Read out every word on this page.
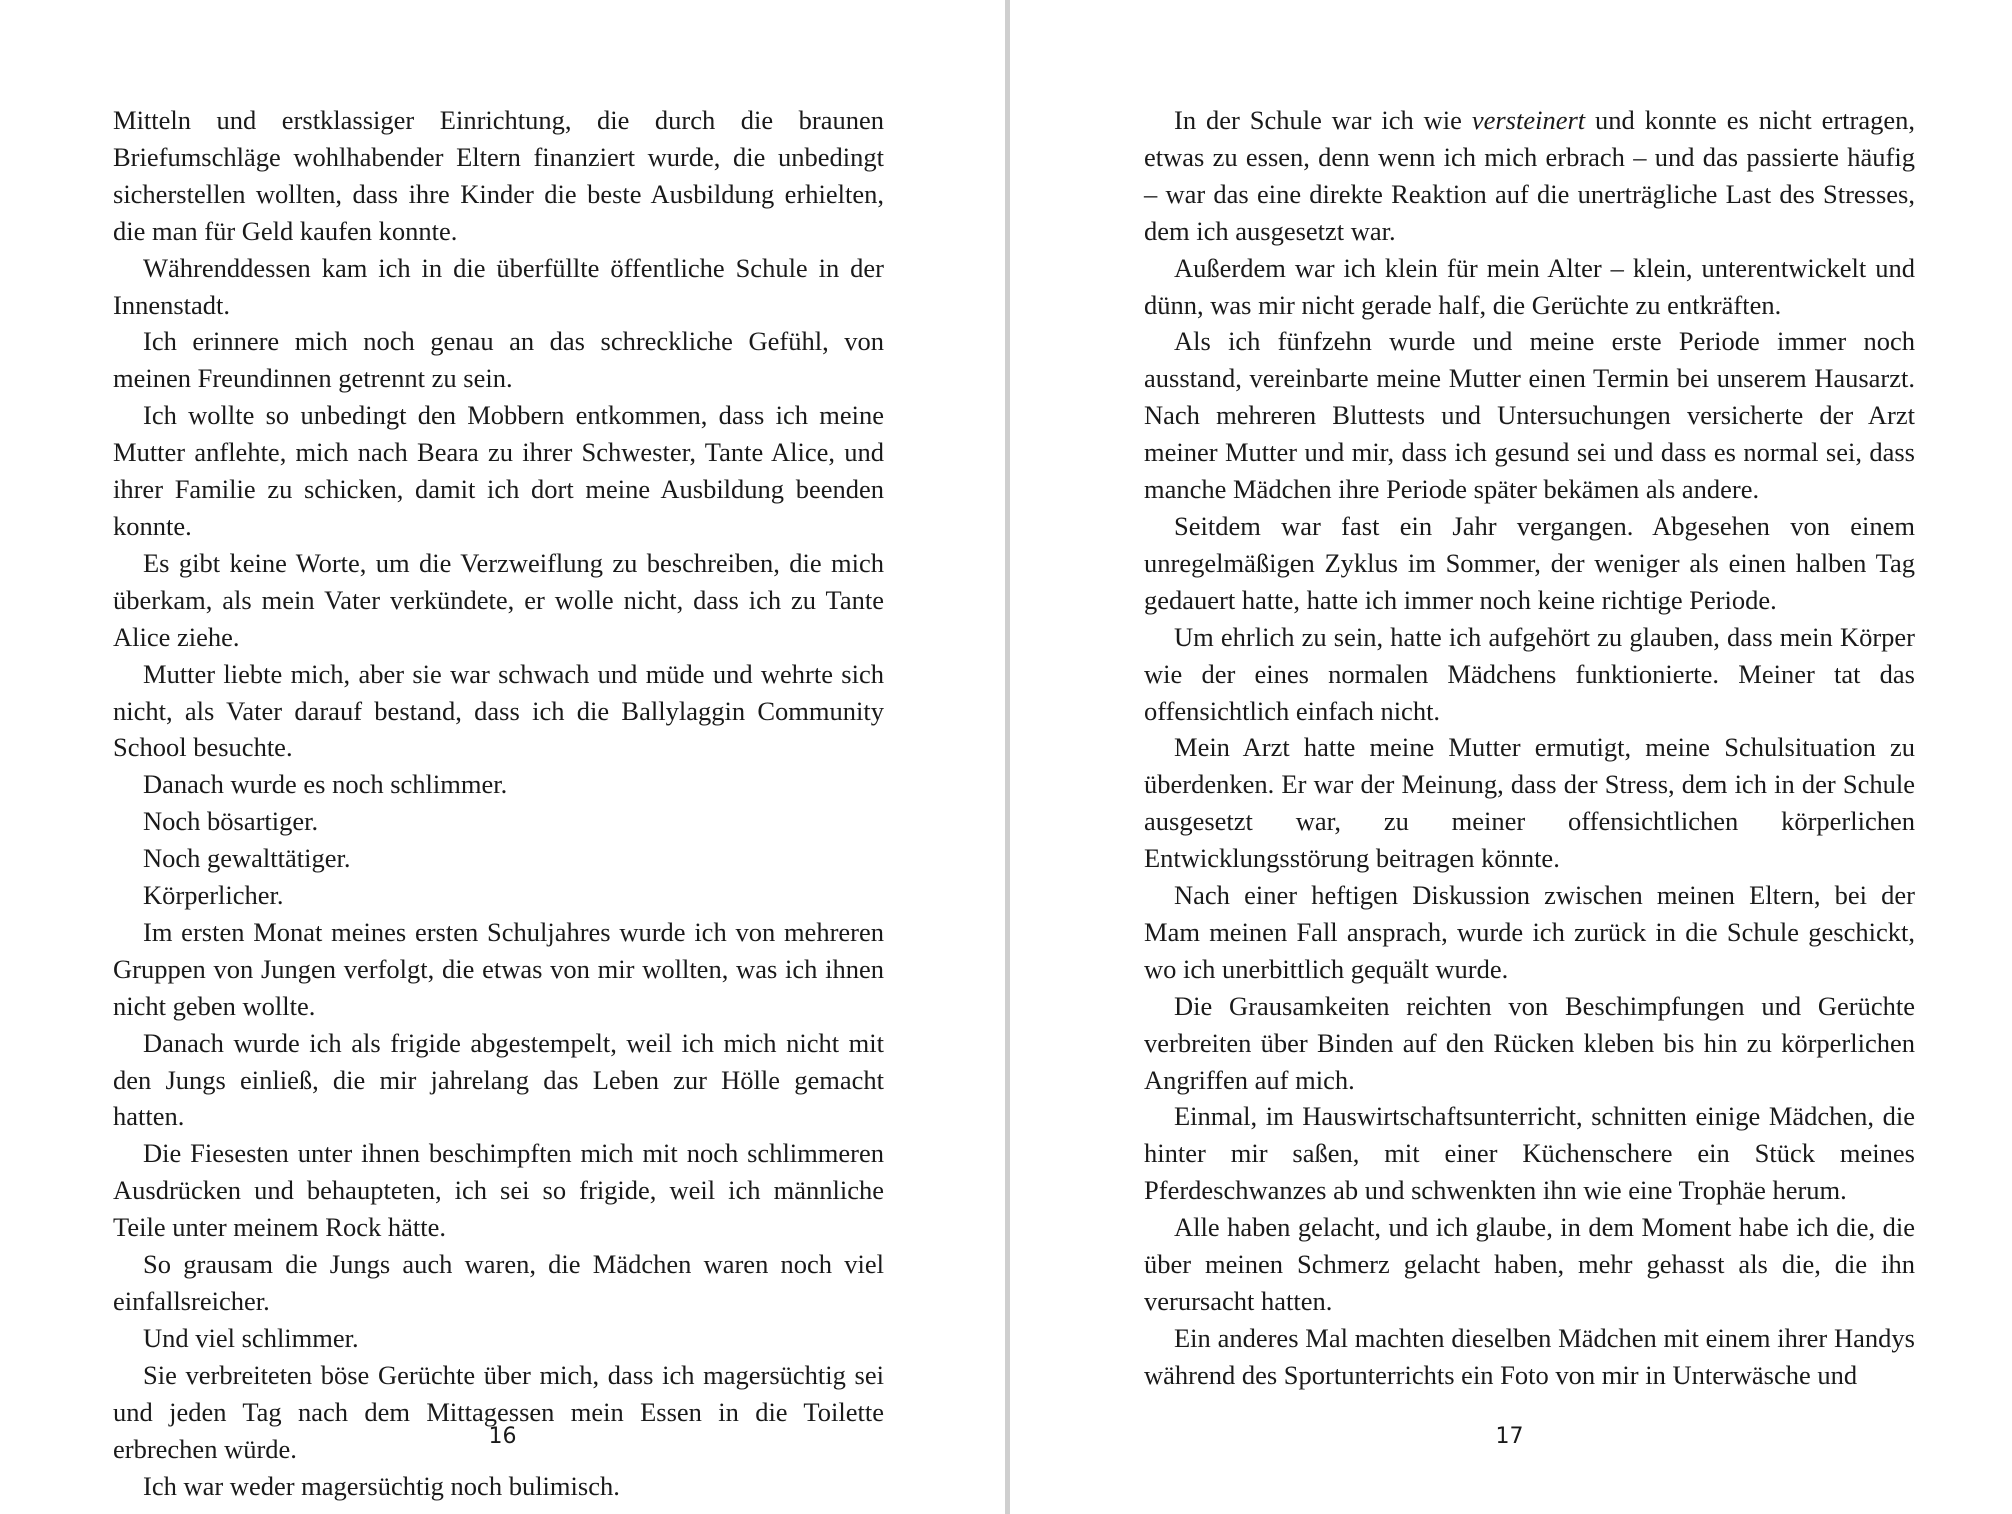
Mitteln und erstklassiger Einrichtung, die durch die braunen Briefumschläge wohlhabender Eltern finanziert wurde, die unbedingt sicherstellen wollten, dass ihre Kinder die beste Ausbildung erhielten, die man für Geld kaufen konnte.

Währenddessen kam ich in die überfüllte öffentliche Schule in der Innenstadt.

Ich erinnere mich noch genau an das schreckliche Gefühl, von meinen Freundinnen getrennt zu sein.

Ich wollte so unbedingt den Mobbern entkommen, dass ich meine Mutter anflehte, mich nach Beara zu ihrer Schwester, Tante Alice, und ihrer Familie zu schicken, damit ich dort meine Ausbildung beenden konnte.

Es gibt keine Worte, um die Verzweiflung zu beschreiben, die mich überkam, als mein Vater verkündete, er wolle nicht, dass ich zu Tante Alice ziehe.

Mutter liebte mich, aber sie war schwach und müde und wehrte sich nicht, als Vater darauf bestand, dass ich die Ballylaggin Community School besuchte.

Danach wurde es noch schlimmer.

Noch bösartiger.

Noch gewalttätiger.

Körperlicher.

Im ersten Monat meines ersten Schuljahres wurde ich von mehreren Gruppen von Jungen verfolgt, die etwas von mir wollten, was ich ihnen nicht geben wollte.

Danach wurde ich als frigide abgestempelt, weil ich mich nicht mit den Jungs einließ, die mir jahrelang das Leben zur Hölle gemacht hatten.

Die Fiesesten unter ihnen beschimpften mich mit noch schlimmeren Ausdrücken und behaupteten, ich sei so frigide, weil ich männliche Teile unter meinem Rock hätte.

So grausam die Jungs auch waren, die Mädchen waren noch viel einfallsreicher.

Und viel schlimmer.

Sie verbreiteten böse Gerüchte über mich, dass ich magersüchtig sei und jeden Tag nach dem Mittagessen mein Essen in die Toilette erbrechen würde.

Ich war weder magersüchtig noch bulimisch.

16

In der Schule war ich wie versteinert und konnte es nicht ertragen, etwas zu essen, denn wenn ich mich erbrach – und das passierte häufig – war das eine direkte Reaktion auf die unerträgliche Last des Stresses, dem ich ausgesetzt war.

Außerdem war ich klein für mein Alter – klein, unterentwickelt und dünn, was mir nicht gerade half, die Gerüchte zu entkräften.

Als ich fünfzehn wurde und meine erste Periode immer noch ausstand, vereinbarte meine Mutter einen Termin bei unserem Hausarzt. Nach mehreren Bluttests und Untersuchungen versicherte der Arzt meiner Mutter und mir, dass ich gesund sei und dass es normal sei, dass manche Mädchen ihre Periode später bekämen als andere.

Seitdem war fast ein Jahr vergangen. Abgesehen von einem unregelmäßigen Zyklus im Sommer, der weniger als einen halben Tag gedauert hatte, hatte ich immer noch keine richtige Periode.

Um ehrlich zu sein, hatte ich aufgehört zu glauben, dass mein Körper wie der eines normalen Mädchens funktionierte. Meiner tat das offensichtlich einfach nicht.

Mein Arzt hatte meine Mutter ermutigt, meine Schulsituation zu überdenken. Er war der Meinung, dass der Stress, dem ich in der Schule ausgesetzt war, zu meiner offensichtlichen körperlichen Entwicklungsstörung beitragen könnte.

Nach einer heftigen Diskussion zwischen meinen Eltern, bei der Mam meinen Fall ansprach, wurde ich zurück in die Schule geschickt, wo ich unerbittlich gequält wurde.

Die Grausamkeiten reichten von Beschimpfungen und Gerüchte verbreiten über Binden auf den Rücken kleben bis hin zu körperlichen Angriffen auf mich.

Einmal, im Hauswirtschaftsunterricht, schnitten einige Mädchen, die hinter mir saßen, mit einer Küchenschere ein Stück meines Pferdeschwanzes ab und schwenkten ihn wie eine Trophäe herum.

Alle haben gelacht, und ich glaube, in dem Moment habe ich die, die über meinen Schmerz gelacht haben, mehr gehasst als die, die ihn verursacht hatten.

Ein anderes Mal machten dieselben Mädchen mit einem ihrer Handys während des Sportunterrichts ein Foto von mir in Unterwäsche und

17
